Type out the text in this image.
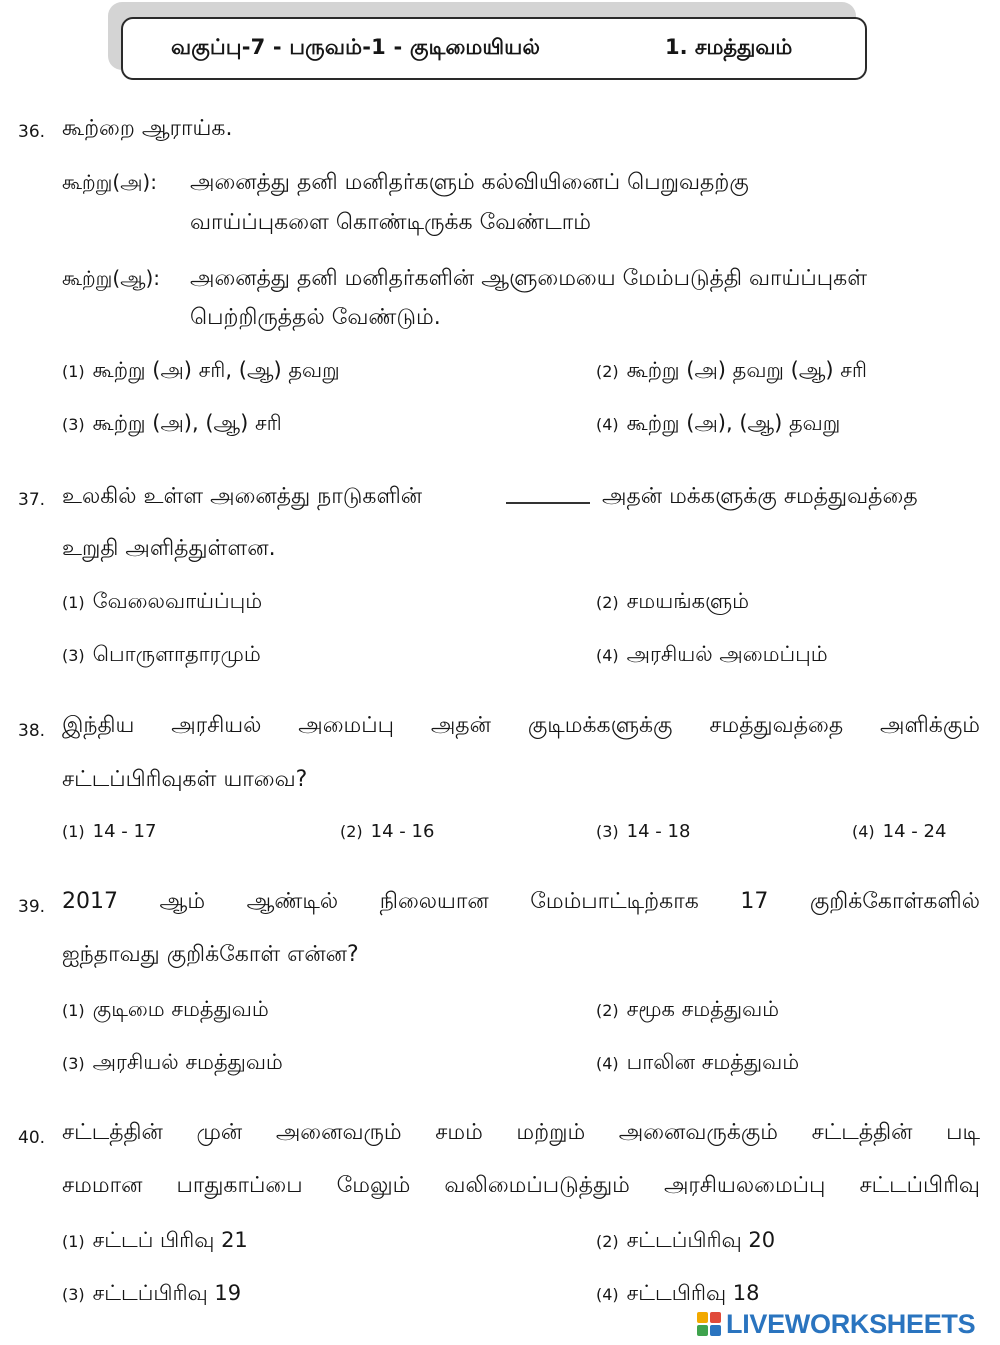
வகுப்பு-7 - பருவம்-1 - குடிமையியல்	1. சமத்துவம்
36. கூற்றை ஆராய்க.
கூற்று(அ): அனைத்து தனி மனிதர்களும் கல்வியினைப் பெறுவதற்கு
வாய்ப்புகளை கொண்டிருக்க வேண்டாம்
கூற்று(ஆ): அனைத்து தனி மனிதர்களின் ஆளுமையை மேம்படுத்தி வாய்ப்புகள்
பெற்றிருத்தல் வேண்டும்.
(1) கூற்று (அ) சரி, (ஆ) தவறு	(2) கூற்று (அ) தவறு (ஆ) சரி
(3) கூற்று (அ), (ஆ) சரி	(4) கூற்று (அ), (ஆ) தவறு
37. உலகில் உள்ள அனைத்து நாடுகளின்	அதன் மக்களுக்கு சமத்துவத்தை
உறுதி அளித்துள்ளன.
(1) வேலைவாய்ப்பும்	(2) சமயங்களும்
(3) பொருளாதாரமும்	(4) அரசியல் அமைப்பும்
38. இந்திய அரசியல் அமைப்பு அதன் குடிமக்களுக்கு சமத்துவத்தை அளிக்கும்
சட்டப்பிரிவுகள் யாவை?
(1) 14 - 17	(2) 14 - 16	(3) 14 - 18	(4) 14 - 24
39. 2017 ஆம் ஆண்டில் நிலையான மேம்பாட்டிற்காக 17 குறிக்கோள்களில்
ஐந்தாவது குறிக்கோள் என்ன?
(1) குடிமை சமத்துவம்	(2) சமூக சமத்துவம்
(3) அரசியல் சமத்துவம்	(4) பாலின சமத்துவம்
40. சட்டத்தின் முன் அனைவரும் சமம் மற்றும் அனைவருக்கும் சட்டத்தின் படி
சமமான பாதுகாப்பை மேலும் வலிமைப்படுத்தும் அரசியலமைப்பு சட்டப்பிரிவு
(1) சட்டப் பிரிவு 21	(2) சட்டப்பிரிவு 20
(3) சட்டப்பிரிவு 19	(4) சட்டபிரிவு 18
LIVEWORKSHEETS
